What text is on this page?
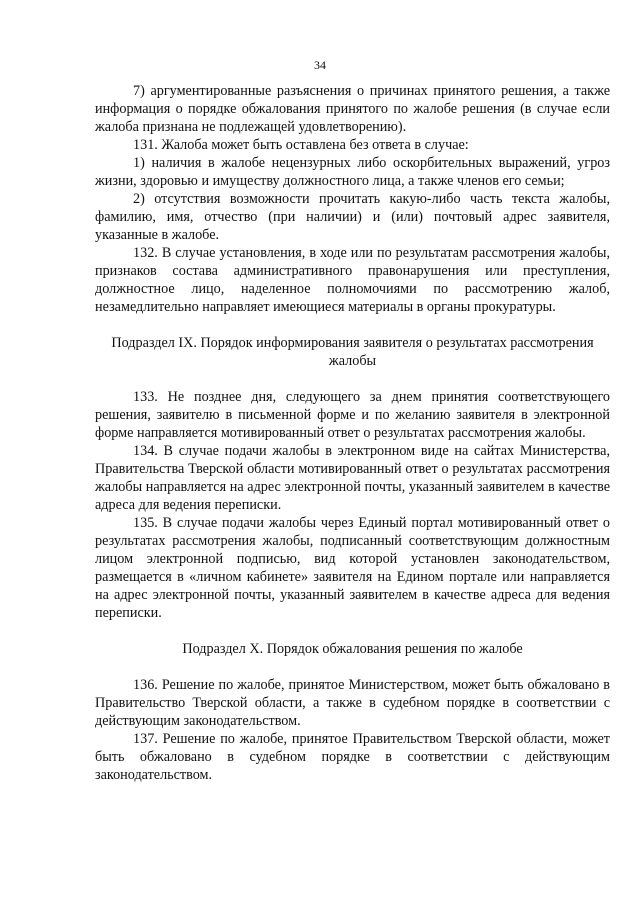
34

7) аргументированные разъяснения о причинах принятого решения, а также информация о порядке обжалования принятого по жалобе решения (в случае если жалоба признана не подлежащей удовлетворению).

131. Жалоба может быть оставлена без ответа в случае:

1) наличия в жалобе нецензурных либо оскорбительных выражений, угроз жизни, здоровью и имуществу должностного лица, а также членов его семьи;

2) отсутствия возможности прочитать какую-либо часть текста жалобы, фамилию, имя, отчество (при наличии) и (или) почтовый адрес заявителя, указанные в жалобе.

132. В случае установления, в ходе или по результатам рассмотрения жалобы, признаков состава административного правонарушения или преступления, должностное лицо, наделенное полномочиями по рассмотрению жалоб, незамедлительно направляет имеющиеся материалы в органы прокуратуры.

Подраздел IX. Порядок информирования заявителя о результатах рассмотрения жалобы

133. Не позднее дня, следующего за днем принятия соответствующего решения, заявителю в письменной форме и по желанию заявителя в электронной форме направляется мотивированный ответ о результатах рассмотрения жалобы.

134. В случае подачи жалобы в электронном виде на сайтах Министерства, Правительства Тверской области мотивированный ответ о результатах рассмотрения жалобы направляется на адрес электронной почты, указанный заявителем в качестве адреса для ведения переписки.

135. В случае подачи жалобы через Единый портал мотивированный ответ о результатах рассмотрения жалобы, подписанный соответствующим должностным лицом электронной подписью, вид которой установлен законодательством, размещается в «личном кабинете» заявителя на Едином портале или направляется на адрес электронной почты, указанный заявителем в качестве адреса для ведения переписки.

Подраздел X. Порядок обжалования решения по жалобе

136. Решение по жалобе, принятое Министерством, может быть обжаловано в Правительство Тверской области, а также в судебном порядке в соответствии с действующим законодательством.

137. Решение по жалобе, принятое Правительством Тверской области, может быть обжаловано в судебном порядке в соответствии с действующим законодательством.
